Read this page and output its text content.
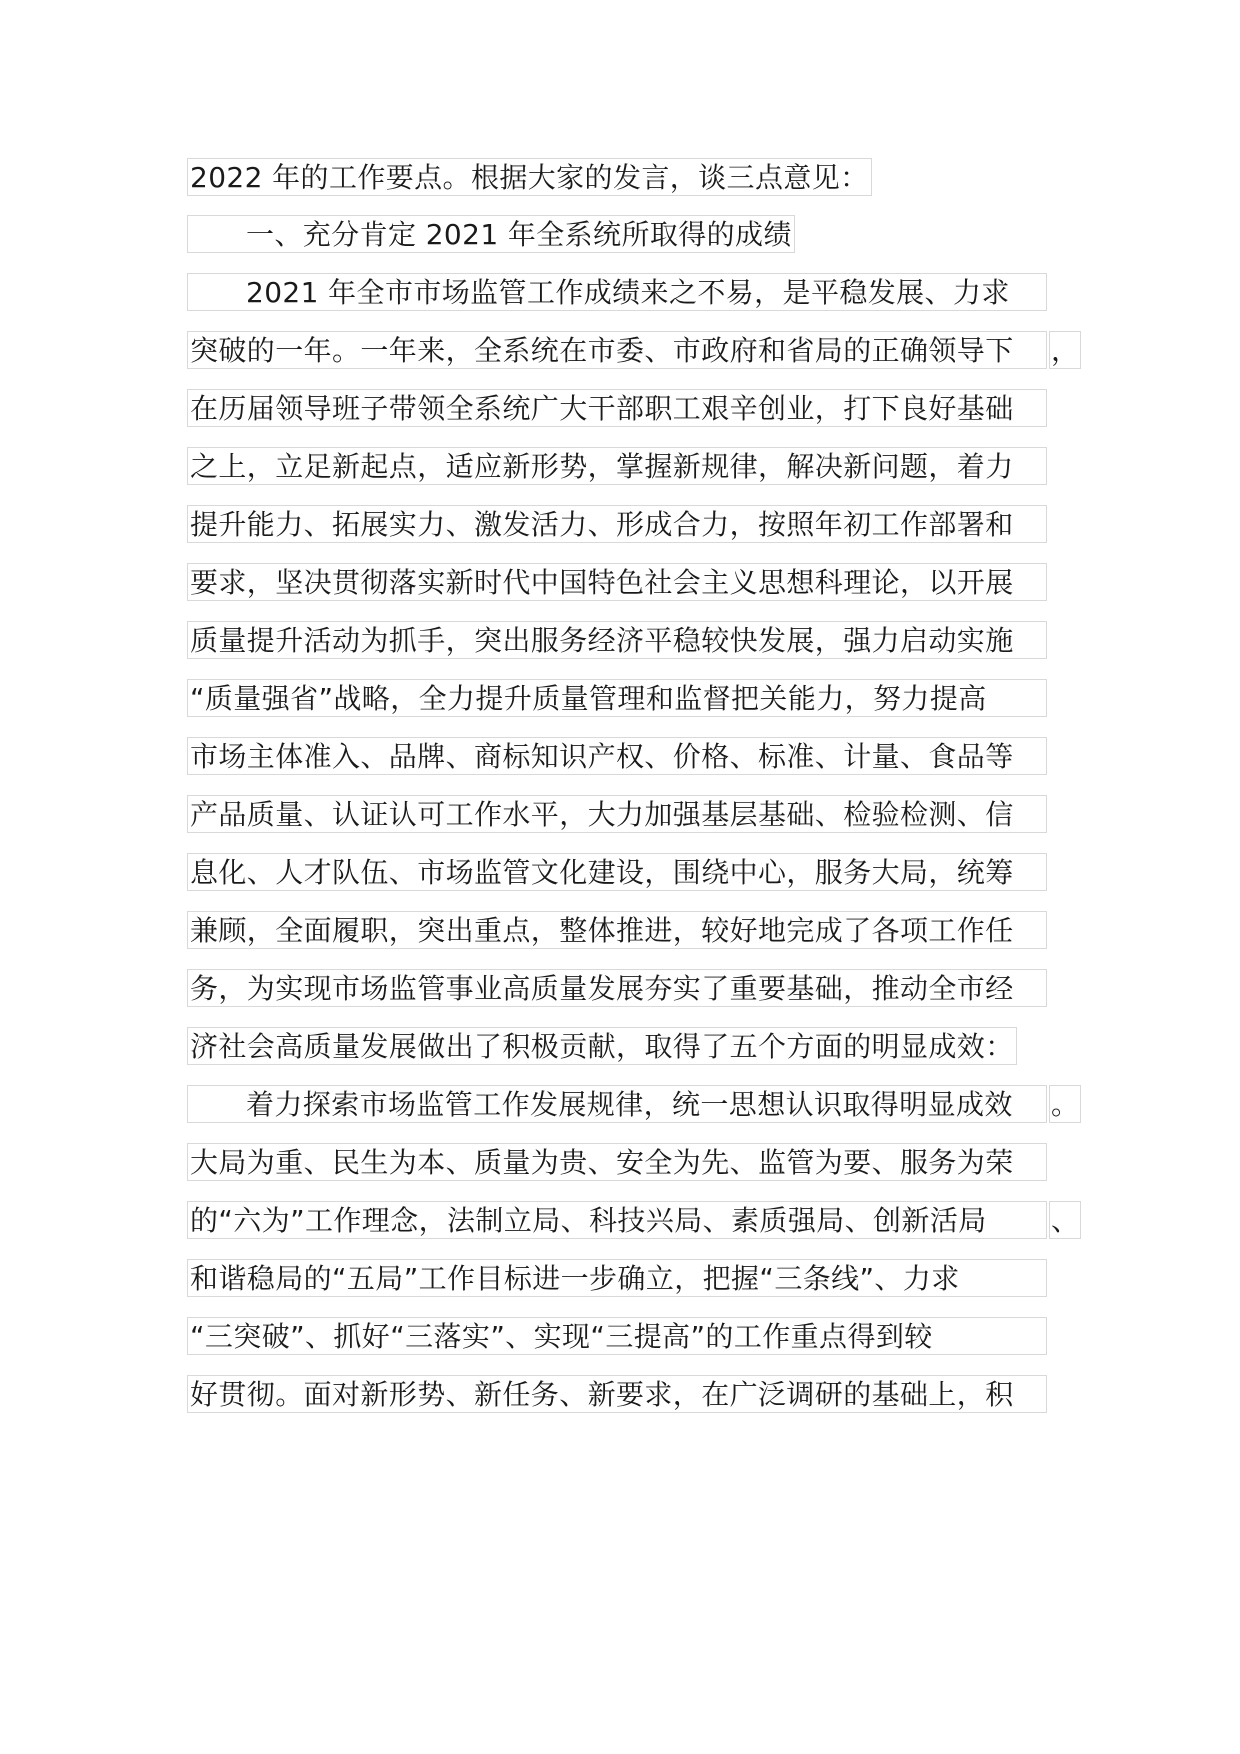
2022 年的工作要点。根据大家的发言，谈三点意见：
一、充分肯定 2021 年全系统所取得的成绩
2021 年全市市场监管工作成绩来之不易，是平稳发展、力求
突破的一年。一年来，全系统在市委、市政府和省局的正确领导下	，
在历届领导班子带领全系统广大干部职工艰辛创业，打下良好基础
之上，立足新起点，适应新形势，掌握新规律，解决新问题，着力
提升能力、拓展实力、激发活力、形成合力，按照年初工作部署和
要求，坚决贯彻落实新时代中国特色社会主义思想科理论，以开展
质量提升活动为抓手，突出服务经济平稳较快发展，强力启动实施
“质量强省”战略，全力提升质量管理和监督把关能力，努力提高
市场主体准入、品牌、商标知识产权、价格、标准、计量、食品等
产品质量、认证认可工作水平，大力加强基层基础、检验检测、信
息化、人才队伍、市场监管文化建设，围绕中心，服务大局，统筹
兼顾，全面履职，突出重点，整体推进，较好地完成了各项工作任
务，为实现市场监管事业高质量发展夯实了重要基础，推动全市经
济社会高质量发展做出了积极贡献，取得了五个方面的明显成效：
着力探索市场监管工作发展规律，统一思想认识取得明显成效	。
大局为重、民生为本、质量为贵、安全为先、监管为要、服务为荣
的“六为”工作理念，法制立局、科技兴局、素质强局、创新活局	、
和谐稳局的“五局”工作目标进一步确立，把握“三条线”、力求
“三突破”、抓好“三落实”、实现“三提高”的工作重点得到较
好贯彻。面对新形势、新任务、新要求，在广泛调研的基础上，积
